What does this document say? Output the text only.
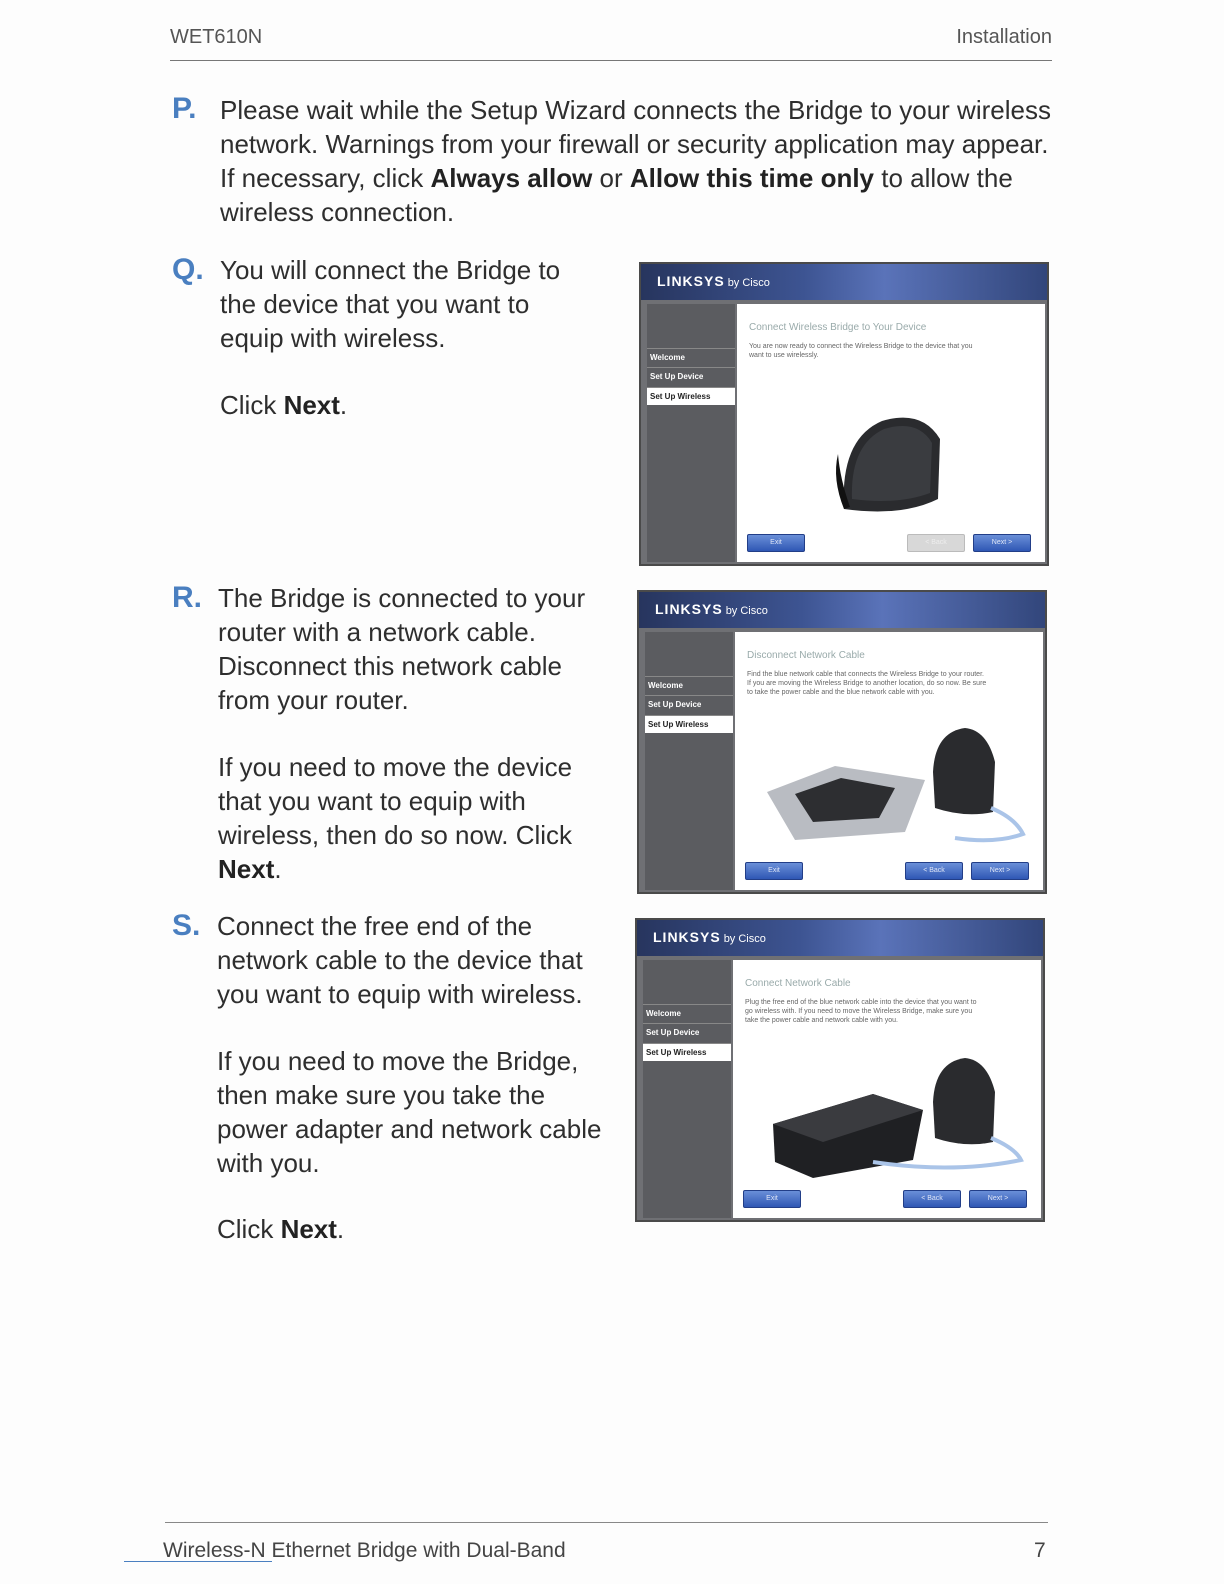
WET610N	Installation
P. Please wait while the Setup Wizard connects the Bridge to your wireless network. Warnings from your firewall or security application may appear. If necessary, click Always allow or Allow this time only to allow the wireless connection.
Q. You will connect the Bridge to the device that you want to equip with wireless.
Click Next.
R. The Bridge is connected to your router with a network cable. Disconnect this network cable from your router.
If you need to move the device that you want to equip with wireless, then do so now. Click Next.
S. Connect the free end of the network cable to the device that you want to equip with wireless.
If you need to move the Bridge, then make sure you take the power adapter and network cable with you.
Click Next.
LINKSYS by Cisco
Welcome
Set Up Device
Set Up Wireless
Connect Wireless Bridge to Your Device
You are now ready to connect the Wireless Bridge to the device that you want to use wirelessly.
Exit	< Back	Next >
LINKSYS by Cisco
Welcome
Set Up Device
Set Up Wireless
Disconnect Network Cable
Find the blue network cable that connects the Wireless Bridge to your router. If you are moving the Wireless Bridge to another location, do so now. Be sure to take the power cable and the blue network cable with you.
Exit	< Back	Next >
LINKSYS by Cisco
Welcome
Set Up Device
Set Up Wireless
Connect Network Cable
Plug the free end of the blue network cable into the device that you want to go wireless with. If you need to move the Wireless Bridge, make sure you take the power cable and network cable with you.
Exit	< Back	Next >
Wireless-N Ethernet Bridge with Dual-Band	7
